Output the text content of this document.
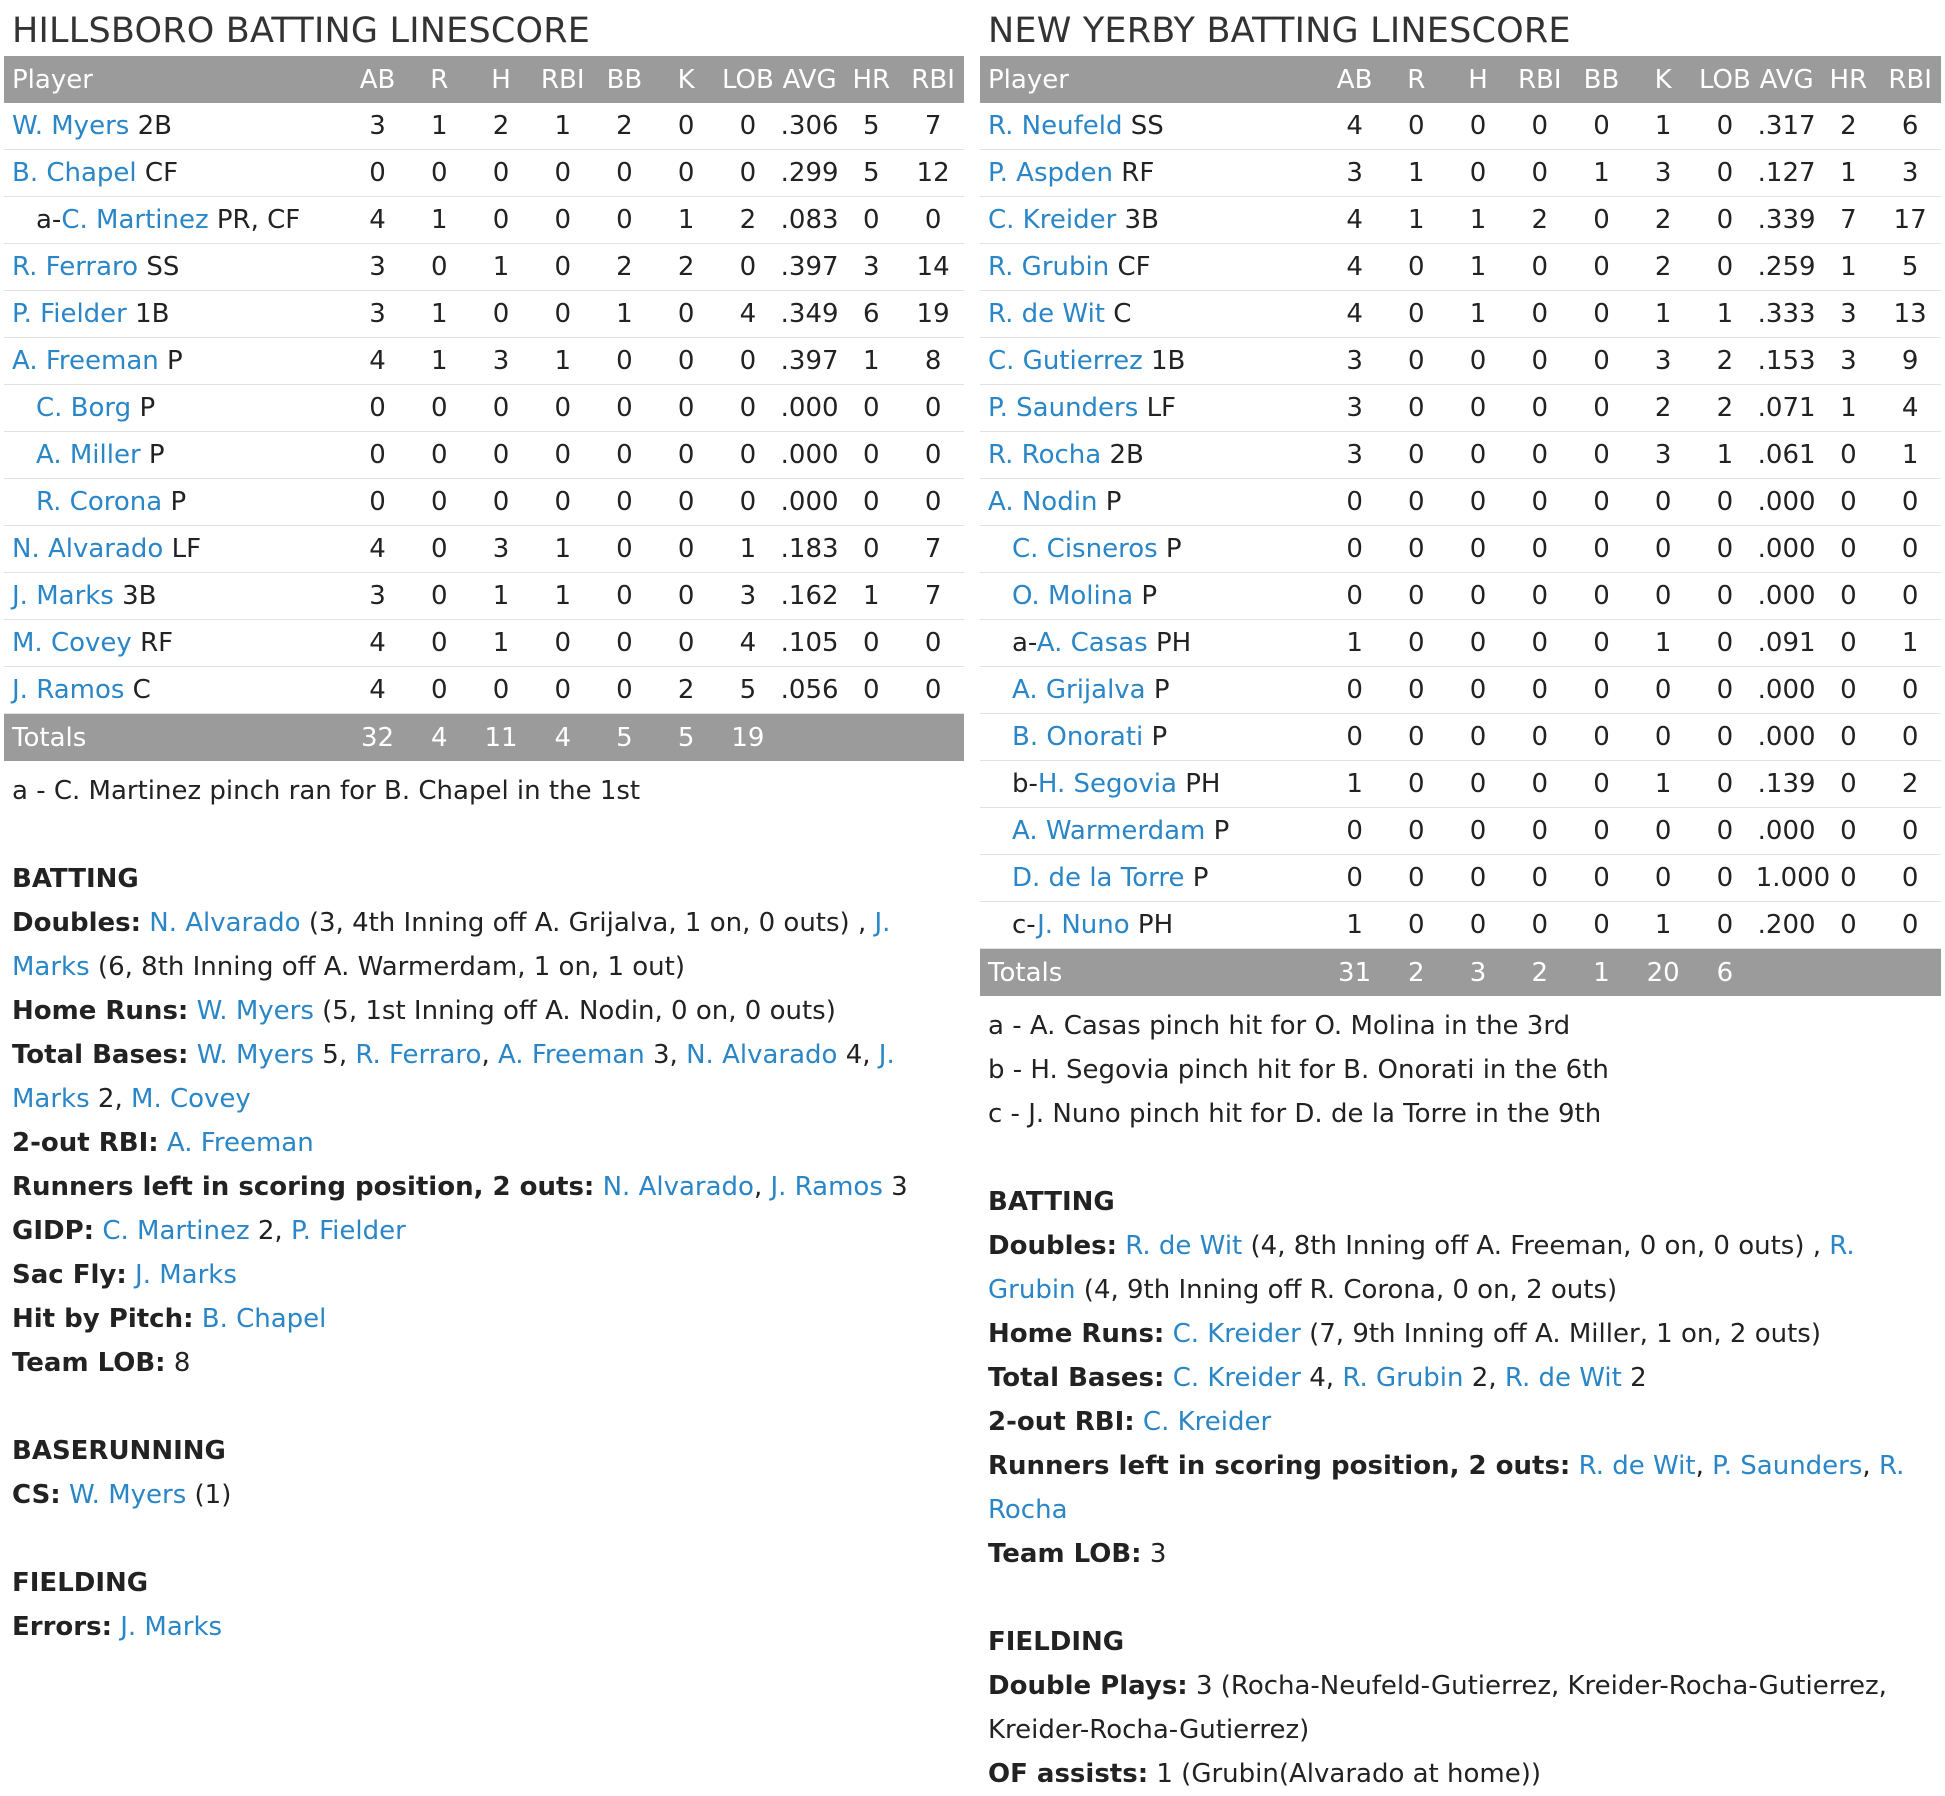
HILLSBORO BATTING LINESCORE
Player	AB	R	H	RBI	BB	K	LOB	AVG	HR	RBI
W. Myers 2B	3	1	2	1	2	0	0	.306	5	7
B. Chapel CF	0	0	0	0	0	0	0	.299	5	12
a-C. Martinez PR, CF	4	1	0	0	0	1	2	.083	0	0
R. Ferraro SS	3	0	1	0	2	2	0	.397	3	14
P. Fielder 1B	3	1	0	0	1	0	4	.349	6	19
A. Freeman P	4	1	3	1	0	0	0	.397	1	8
C. Borg P	0	0	0	0	0	0	0	.000	0	0
A. Miller P	0	0	0	0	0	0	0	.000	0	0
R. Corona P	0	0	0	0	0	0	0	.000	0	0
N. Alvarado LF	4	0	3	1	0	0	1	.183	0	7
J. Marks 3B	3	0	1	1	0	0	3	.162	1	7
M. Covey RF	4	0	1	0	0	0	4	.105	0	0
J. Ramos C	4	0	0	0	0	2	5	.056	0	0
Totals	32	4	11	4	5	5	19			
a - C. Martinez pinch ran for B. Chapel in the 1st
BATTING
Doubles: N. Alvarado (3, 4th Inning off A. Grijalva, 1 on, 0 outs) , J. Marks (6, 8th Inning off A. Warmerdam, 1 on, 1 out)
Home Runs: W. Myers (5, 1st Inning off A. Nodin, 0 on, 0 outs)
Total Bases: W. Myers 5, R. Ferraro, A. Freeman 3, N. Alvarado 4, J. Marks 2, M. Covey
2-out RBI: A. Freeman
Runners left in scoring position, 2 outs: N. Alvarado, J. Ramos 3
GIDP: C. Martinez 2, P. Fielder
Sac Fly: J. Marks
Hit by Pitch: B. Chapel
Team LOB: 8
BASERUNNING
CS: W. Myers (1)
FIELDING
Errors: J. Marks
NEW YERBY BATTING LINESCORE
Player	AB	R	H	RBI	BB	K	LOB	AVG	HR	RBI
R. Neufeld SS	4	0	0	0	0	1	0	.317	2	6
P. Aspden RF	3	1	0	0	1	3	0	.127	1	3
C. Kreider 3B	4	1	1	2	0	2	0	.339	7	17
R. Grubin CF	4	0	1	0	0	2	0	.259	1	5
R. de Wit C	4	0	1	0	0	1	1	.333	3	13
C. Gutierrez 1B	3	0	0	0	0	3	2	.153	3	9
P. Saunders LF	3	0	0	0	0	2	2	.071	1	4
R. Rocha 2B	3	0	0	0	0	3	1	.061	0	1
A. Nodin P	0	0	0	0	0	0	0	.000	0	0
C. Cisneros P	0	0	0	0	0	0	0	.000	0	0
O. Molina P	0	0	0	0	0	0	0	.000	0	0
a-A. Casas PH	1	0	0	0	0	1	0	.091	0	1
A. Grijalva P	0	0	0	0	0	0	0	.000	0	0
B. Onorati P	0	0	0	0	0	0	0	.000	0	0
b-H. Segovia PH	1	0	0	0	0	1	0	.139	0	2
A. Warmerdam P	0	0	0	0	0	0	0	.000	0	0
D. de la Torre P	0	0	0	0	0	0	0	1.000	0	0
c-J. Nuno PH	1	0	0	0	0	1	0	.200	0	0
Totals	31	2	3	2	1	20	6			
a - A. Casas pinch hit for O. Molina in the 3rd
b - H. Segovia pinch hit for B. Onorati in the 6th
c - J. Nuno pinch hit for D. de la Torre in the 9th
BATTING
Doubles: R. de Wit (4, 8th Inning off A. Freeman, 0 on, 0 outs) , R. Grubin (4, 9th Inning off R. Corona, 0 on, 2 outs)
Home Runs: C. Kreider (7, 9th Inning off A. Miller, 1 on, 2 outs)
Total Bases: C. Kreider 4, R. Grubin 2, R. de Wit 2
2-out RBI: C. Kreider
Runners left in scoring position, 2 outs: R. de Wit, P. Saunders, R. Rocha
Team LOB: 3
FIELDING
Double Plays: 3 (Rocha-Neufeld-Gutierrez, Kreider-Rocha-Gutierrez, Kreider-Rocha-Gutierrez)
OF assists: 1 (Grubin(Alvarado at home))
